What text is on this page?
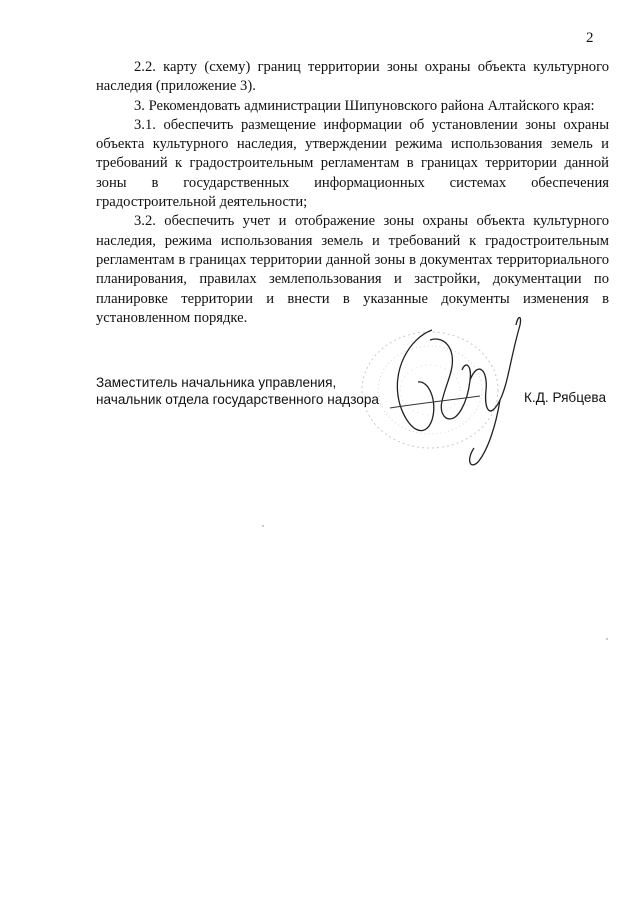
2

2.2. карту (схему) границ территории зоны охраны объекта культурного наследия (приложение 3).

3. Рекомендовать администрации Шипуновского района Алтайского края:

3.1. обеспечить размещение информации об установлении зоны охраны объекта культурного наследия, утверждении режима использования земель и требований к градостроительным регламентам в границах территории данной зоны в государственных информационных системах обеспечения градостроительной деятельности;

3.2. обеспечить учет и отображение зоны охраны объекта культурного наследия, режима использования земель и требований к градостроительным регламентам в границах территории данной зоны в документах территориального планирования, правилах землепользования и застройки, документации по планировке территории и внести в указанные документы изменения в установленном порядке.

Заместитель начальника управления,
начальник отдела государственного надзора	К.Д. Рябцева
